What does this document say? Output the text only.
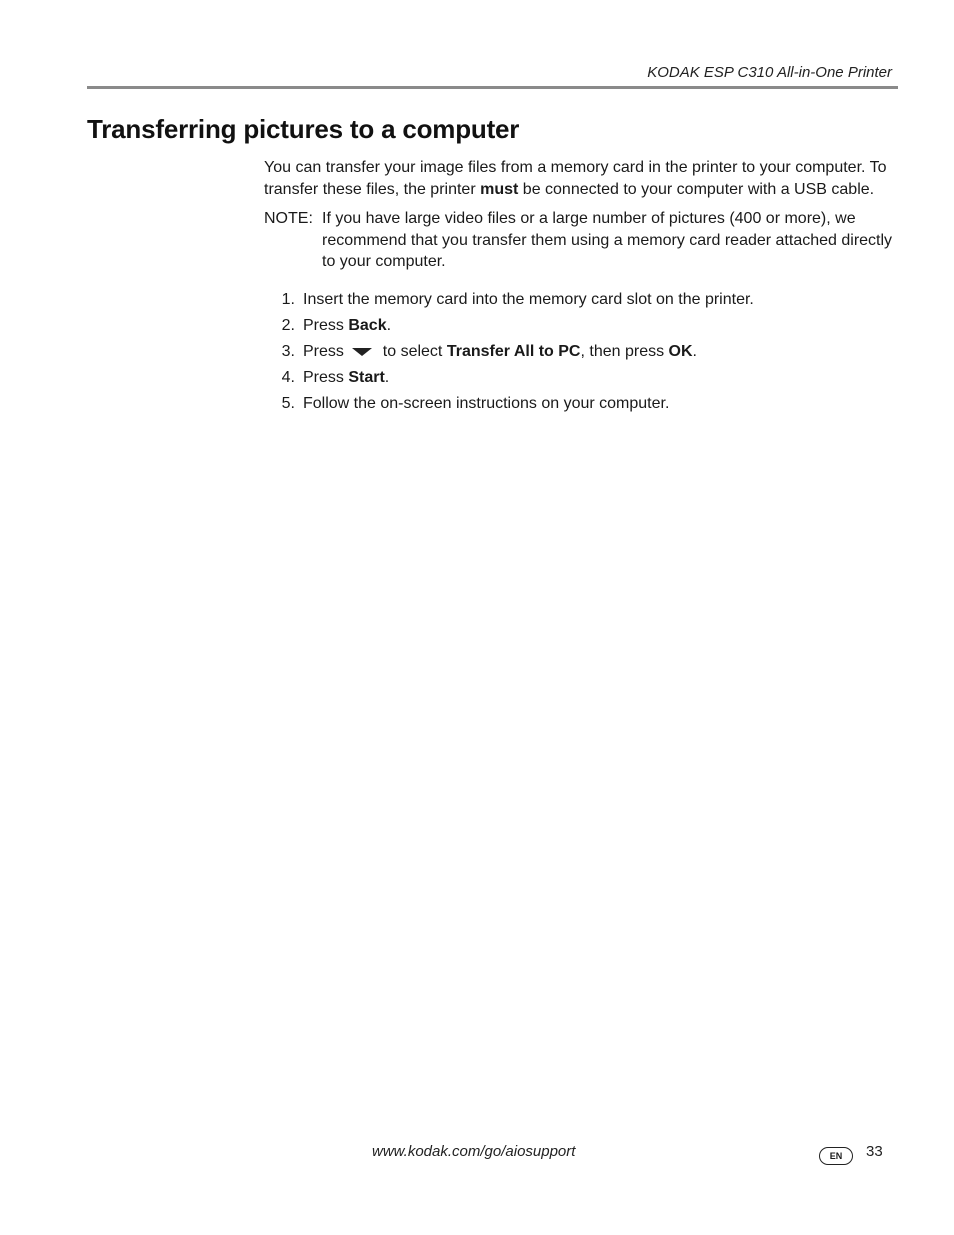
KODAK ESP C310 All-in-One Printer
Transferring pictures to a computer

You can transfer your image files from a memory card in the printer to your computer. To transfer these files, the printer must be connected to your computer with a USB cable.

NOTE: If you have large video files or a large number of pictures (400 or more), we recommend that you transfer them using a memory card reader attached directly to your computer.
1. Insert the memory card into the memory card slot on the printer.
2. Press Back.
3. Press  to select Transfer All to PC, then press OK.
4. Press Start.
5. Follow the on-screen instructions on your computer.
www.kodak.com/go/aiosupport	EN	33
